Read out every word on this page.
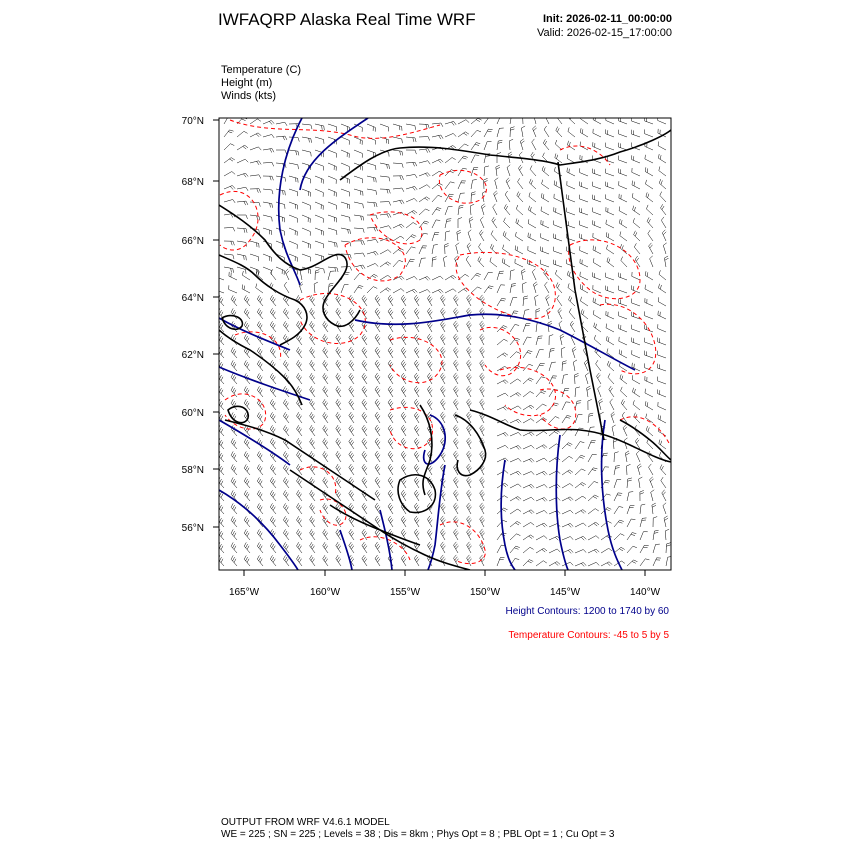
IWFAQRP Alaska Real Time WRF	Init: 2026-02-11_00:00:00
Valid: 2026-02-15_17:00:00
Temperature (C)
Height (m)
Winds (kts)
70°N
68°N
66°N
64°N
62°N
60°N
58°N
56°N
165°W	160°W	155°W	150°W	145°W	140°W
Height Contours: 1200 to 1740 by 60
Temperature Contours: -45 to 5 by 5
OUTPUT FROM WRF V4.6.1 MODEL
WE = 225 ; SN = 225 ; Levels = 38 ; Dis = 8km ; Phys Opt = 8 ; PBL Opt = 1 ; Cu Opt = 3
